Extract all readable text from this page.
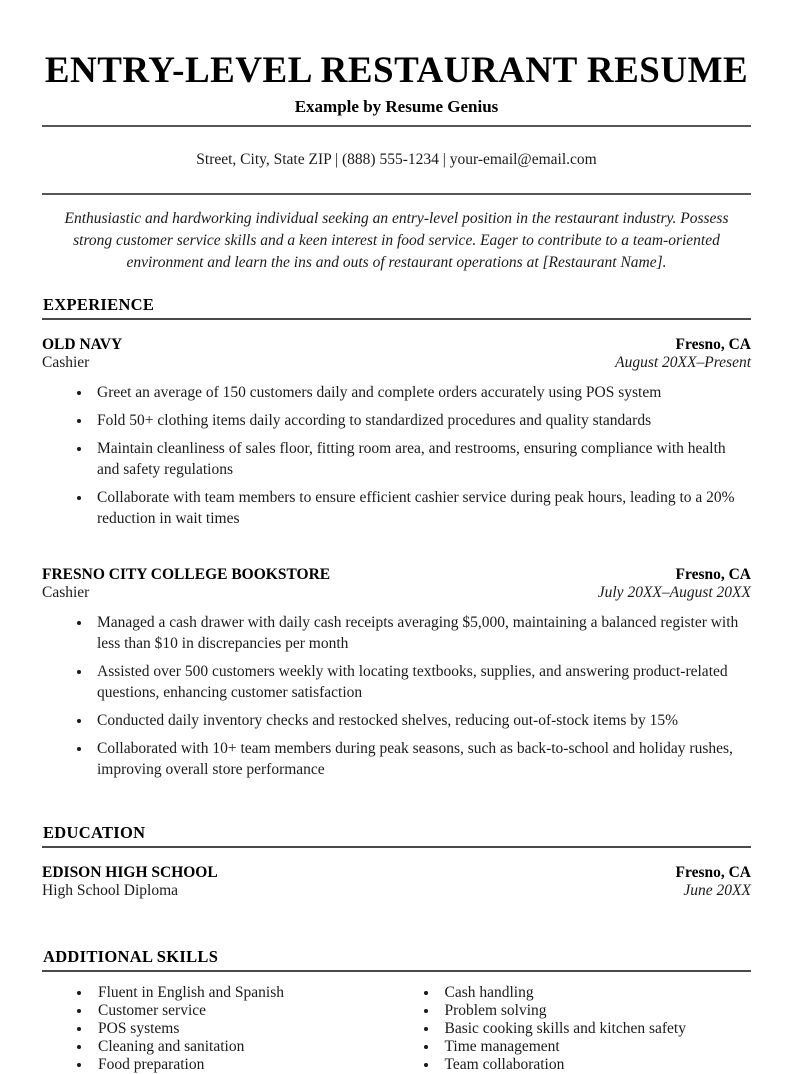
ENTRY-LEVEL RESTAURANT RESUME
Example by Resume Genius
Street, City, State ZIP | (888) 555-1234 | your-email@email.com

Enthusiastic and hardworking individual seeking an entry-level position in the restaurant industry. Possess strong customer service skills and a keen interest in food service. Eager to contribute to a team-oriented environment and learn the ins and outs of restaurant operations at [Restaurant Name].

EXPERIENCE
OLD NAVY	Fresno, CA
Cashier	August 20XX–Present
• Greet an average of 150 customers daily and complete orders accurately using POS system
• Fold 50+ clothing items daily according to standardized procedures and quality standards
• Maintain cleanliness of sales floor, fitting room area, and restrooms, ensuring compliance with health and safety regulations
• Collaborate with team members to ensure efficient cashier service during peak hours, leading to a 20% reduction in wait times
FRESNO CITY COLLEGE BOOKSTORE	Fresno, CA
Cashier	July 20XX–August 20XX
• Managed a cash drawer with daily cash receipts averaging $5,000, maintaining a balanced register with less than $10 in discrepancies per month
• Assisted over 500 customers weekly with locating textbooks, supplies, and answering product-related questions, enhancing customer satisfaction
• Conducted daily inventory checks and restocked shelves, reducing out-of-stock items by 15%
• Collaborated with 10+ team members during peak seasons, such as back-to-school and holiday rushes, improving overall store performance
EDUCATION
EDISON HIGH SCHOOL	Fresno, CA
High School Diploma	June 20XX
ADDITIONAL SKILLS
• Fluent in English and Spanish
• Customer service
• POS systems
• Cleaning and sanitation
• Food preparation
• Cash handling
• Problem solving
• Basic cooking skills and kitchen safety
• Time management
• Team collaboration
